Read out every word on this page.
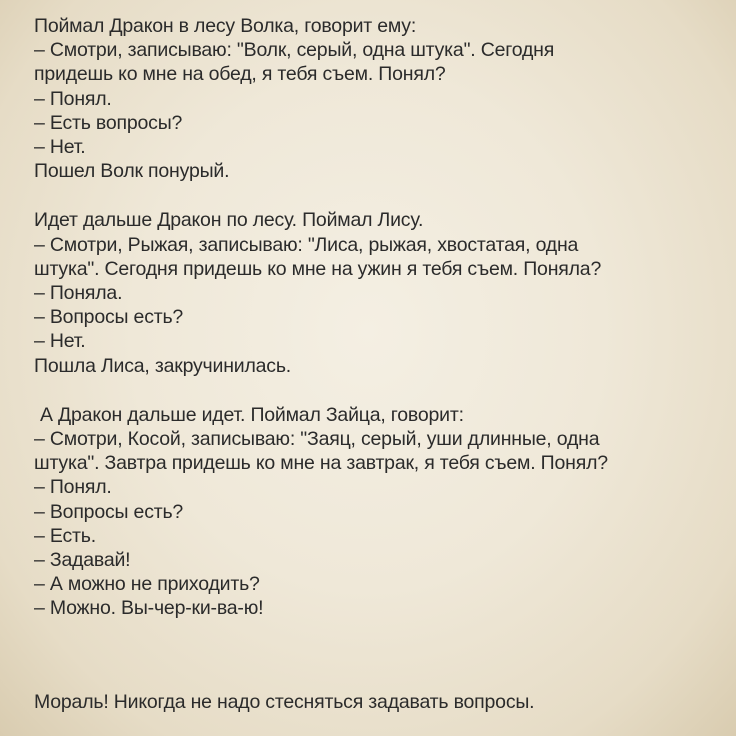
Поймал Дракон в лесу Волка, говорит ему:
– Смотри, записываю: "Волк, серый, одна штука". Сегодня
придешь ко мне на обед, я тебя съем. Понял?
– Понял.
– Есть вопросы?
– Нет.
Пошел Волк понурый.
Идет дальше Дракон по лесу. Поймал Лису.
– Смотри, Рыжая, записываю: "Лиса, рыжая, хвостатая, одна
штука". Сегодня придешь ко мне на ужин я тебя съем. Поняла?
– Поняла.
– Вопросы есть?
– Нет.
Пошла Лиса, закручинилась.
А Дракон дальше идет. Поймал Зайца, говорит:
– Смотри, Косой, записываю: "Заяц, серый, уши длинные, одна
штука". Завтра придешь ко мне на завтрак, я тебя съем. Понял?
– Понял.
– Вопросы есть?
– Есть.
– Задавай!
– А можно не приходить?
– Можно. Вы-чер-ки-ва-ю!
Мораль! Никогда не надо стесняться задавать вопросы.
